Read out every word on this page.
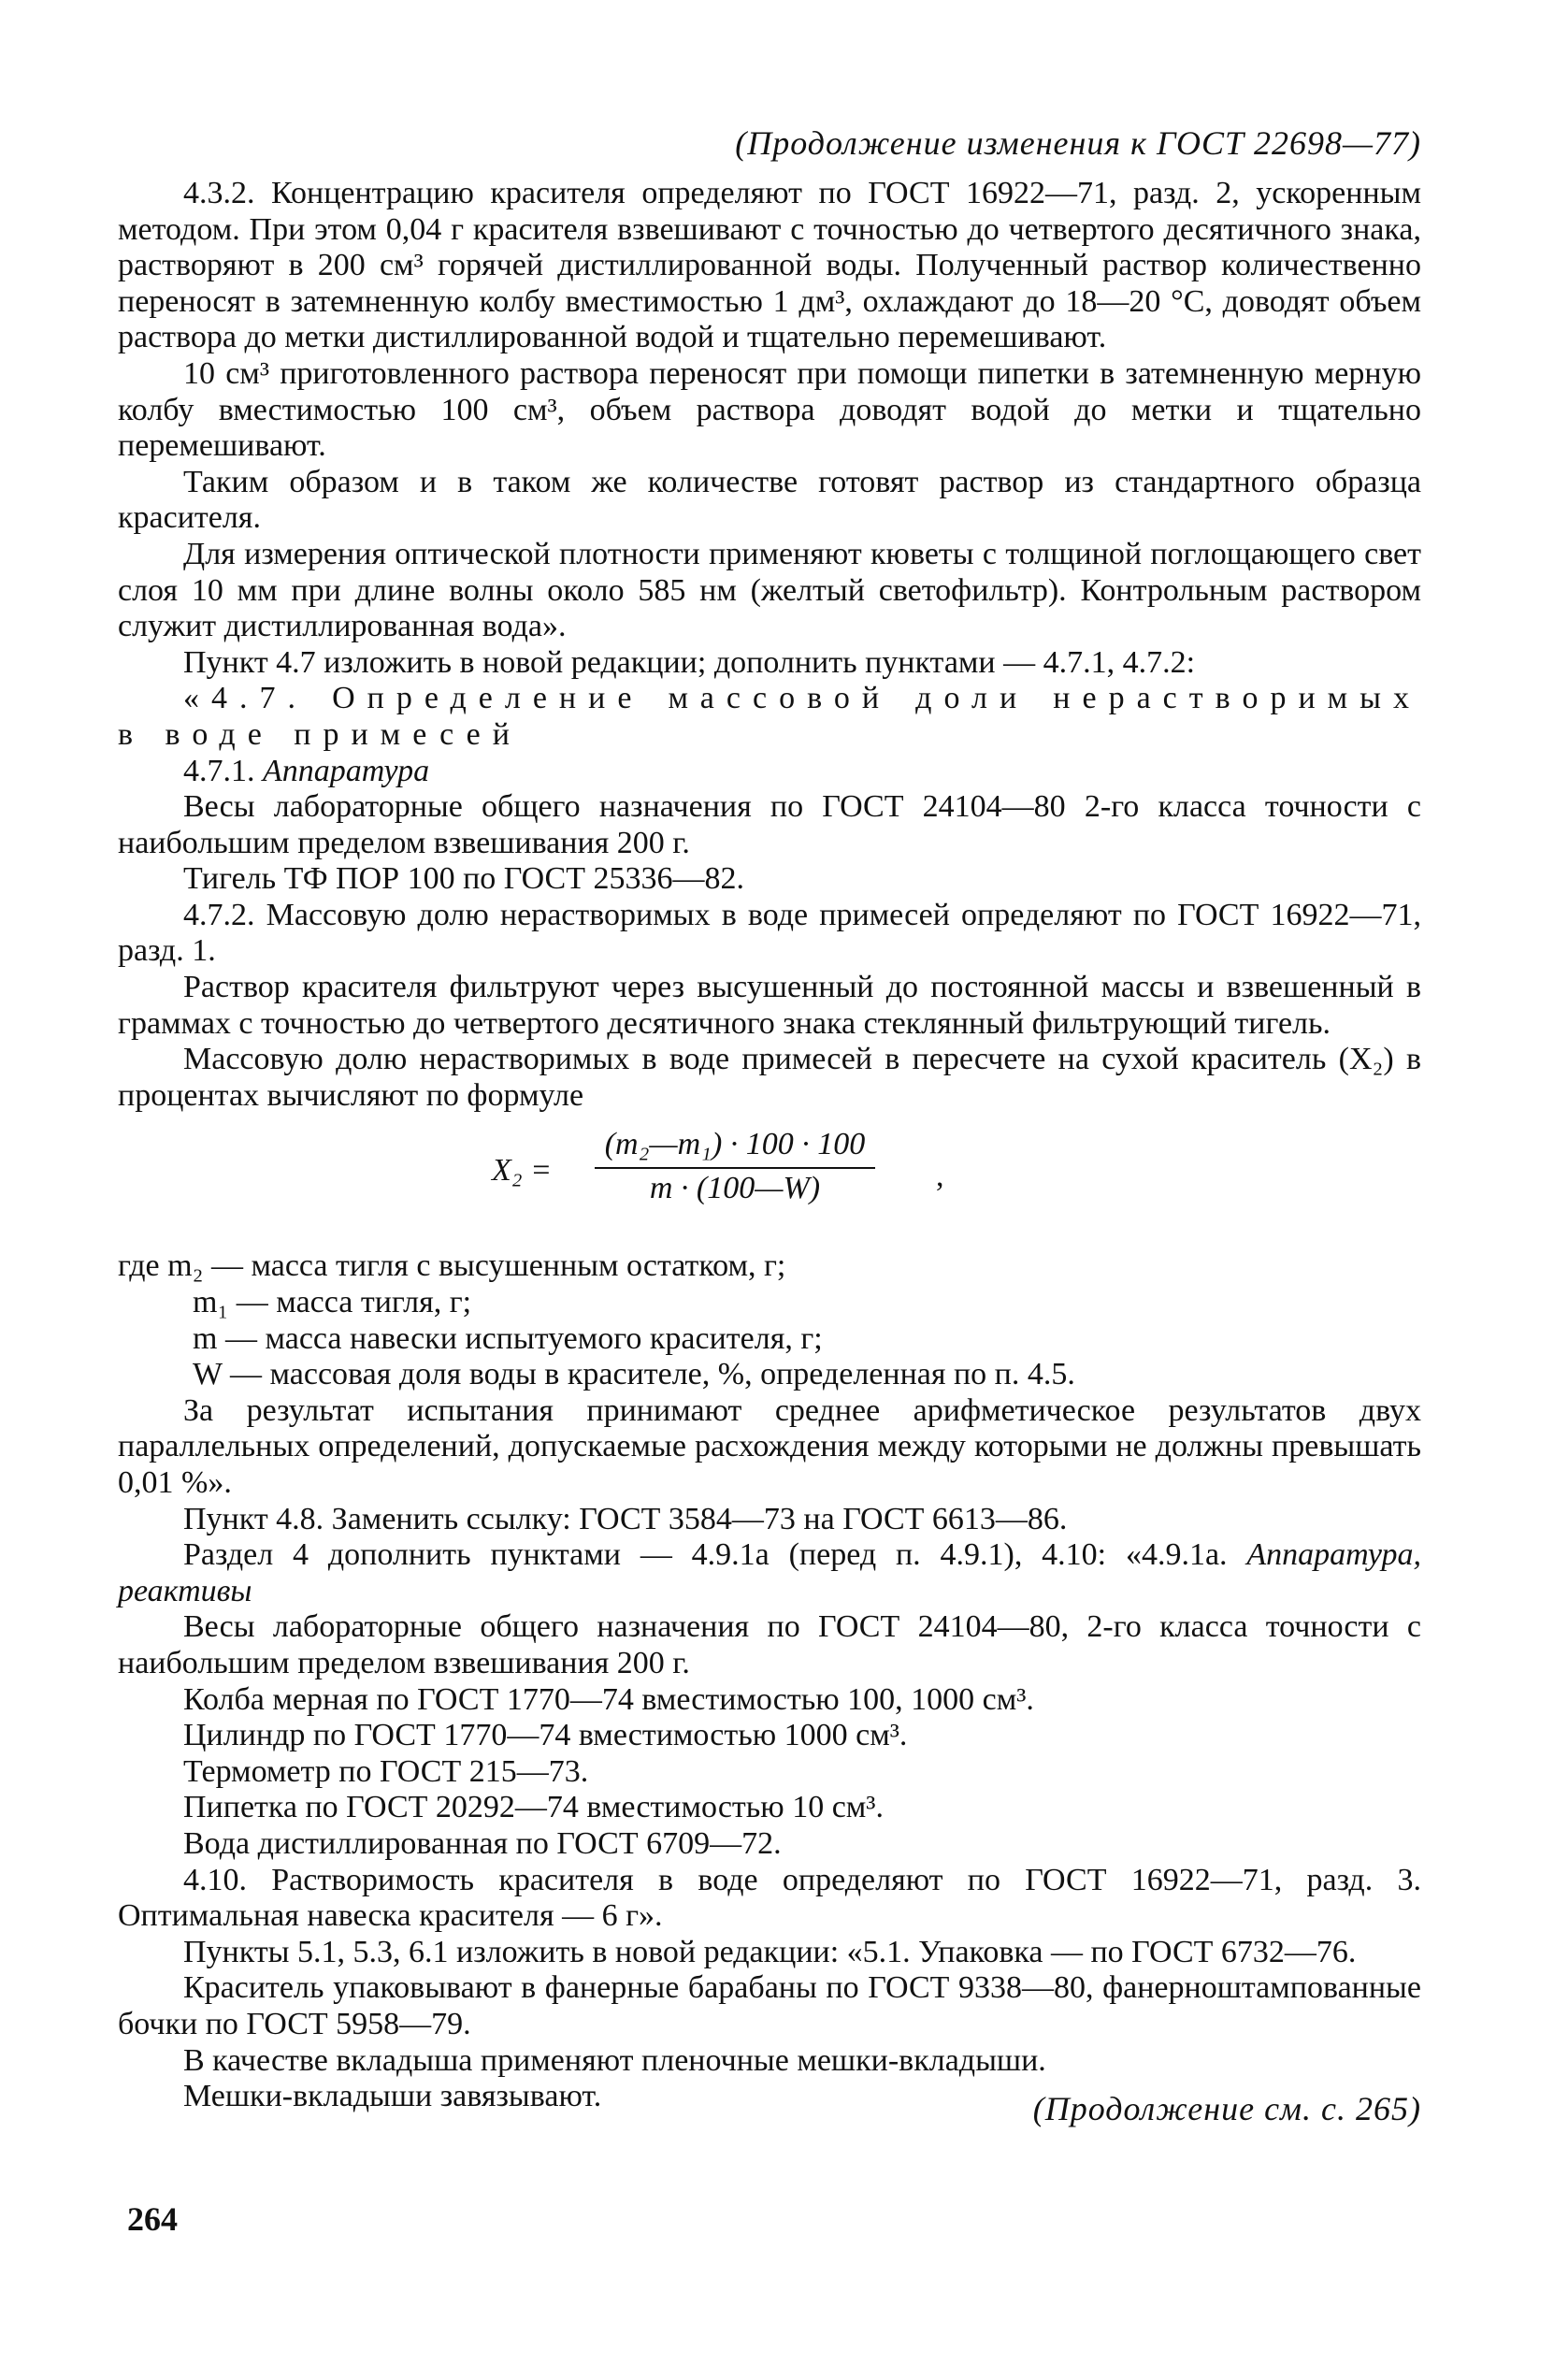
(Продолжение изменения к ГОСТ 22698—77)

4.3.2. Концентрацию красителя определяют по ГОСТ 16922—71, разд. 2, ускоренным методом. При этом 0,04 г красителя взвешивают с точностью до четвертого десятичного знака, растворяют в 200 см³ горячей дистиллированной воды. Полученный раствор количественно переносят в затемненную колбу вместимостью 1 дм³, охлаждают до 18—20 °С, доводят объем раствора до метки дистиллированной водой и тщательно перемешивают.

10 см³ приготовленного раствора переносят при помощи пипетки в затемненную мерную колбу вместимостью 100 см³, объем раствора доводят водой до метки и тщательно перемешивают.

Таким образом и в таком же количестве готовят раствор из стандартного образца красителя.

Для измерения оптической плотности применяют кюветы с толщиной поглощающего свет слоя 10 мм при длине волны около 585 нм (желтый светофильтр). Контрольным раствором служит дистиллированная вода».

Пункт 4.7 изложить в новой редакции; дополнить пунктами — 4.7.1, 4.7.2:

«4.7. Определение массовой доли нерастворимых в воде примесей

4.7.1. Аппаратура

Весы лабораторные общего назначения по ГОСТ 24104—80 2-го класса точности с наибольшим пределом взвешивания 200 г.

Тигель ТФ ПОР 100 по ГОСТ 25336—82.

4.7.2. Массовую долю нерастворимых в воде примесей определяют по ГОСТ 16922—71, разд. 1.

Раствор красителя фильтруют через высушенный до постоянной массы и взвешенный в граммах с точностью до четвертого десятичного знака стеклянный фильтрующий тигель.

Массовую долю нерастворимых в воде примесей в пересчете на сухой краситель (X₂) в процентах вычисляют по формуле

$X_2 = \frac{\text{(m₂—m₁) · 100 · 100}}{m \cdot (100—W)}$ ,

где m₂ — масса тигля с высушенным остатком, г;

m₁ — масса тигля, г;

m — масса навески испытуемого красителя, г;

W — массовая доля воды в красителе, %, определенная по п. 4.5.

За результат испытания принимают среднее арифметическое результатов двух параллельных определений, допускаемые расхождения между которыми не должны превышать 0,01 %».

Пункт 4.8. Заменить ссылку: ГОСТ 3584—73 на ГОСТ 6613—86.

Раздел 4 дополнить пунктами — 4.9.1а (перед п. 4.9.1), 4.10: «4.9.1а. Аппаратура, реактивы

Весы лабораторные общего назначения по ГОСТ 24104—80, 2-го класса точности с наибольшим пределом взвешивания 200 г.

Колба мерная по ГОСТ 1770—74 вместимостью 100, 1000 см³.

Цилиндр по ГОСТ 1770—74 вместимостью 1000 см³.

Термометр по ГОСТ 215—73.

Пипетка по ГОСТ 20292—74 вместимостью 10 см³.

Вода дистиллированная по ГОСТ 6709—72.

4.10. Растворимость красителя в воде определяют по ГОСТ 16922—71, разд. 3. Оптимальная навеска красителя — 6 г».

Пункты 5.1, 5.3, 6.1 изложить в новой редакции: «5.1. Упаковка — по ГОСТ 6732—76.

Краситель упаковывают в фанерные барабаны по ГОСТ 9338—80, фанерноштампованные бочки по ГОСТ 5958—79.

В качестве вкладыша применяют пленочные мешки-вкладыши.

Мешки-вкладыши завязывают.	(Продолжение см. с. 265)
264
